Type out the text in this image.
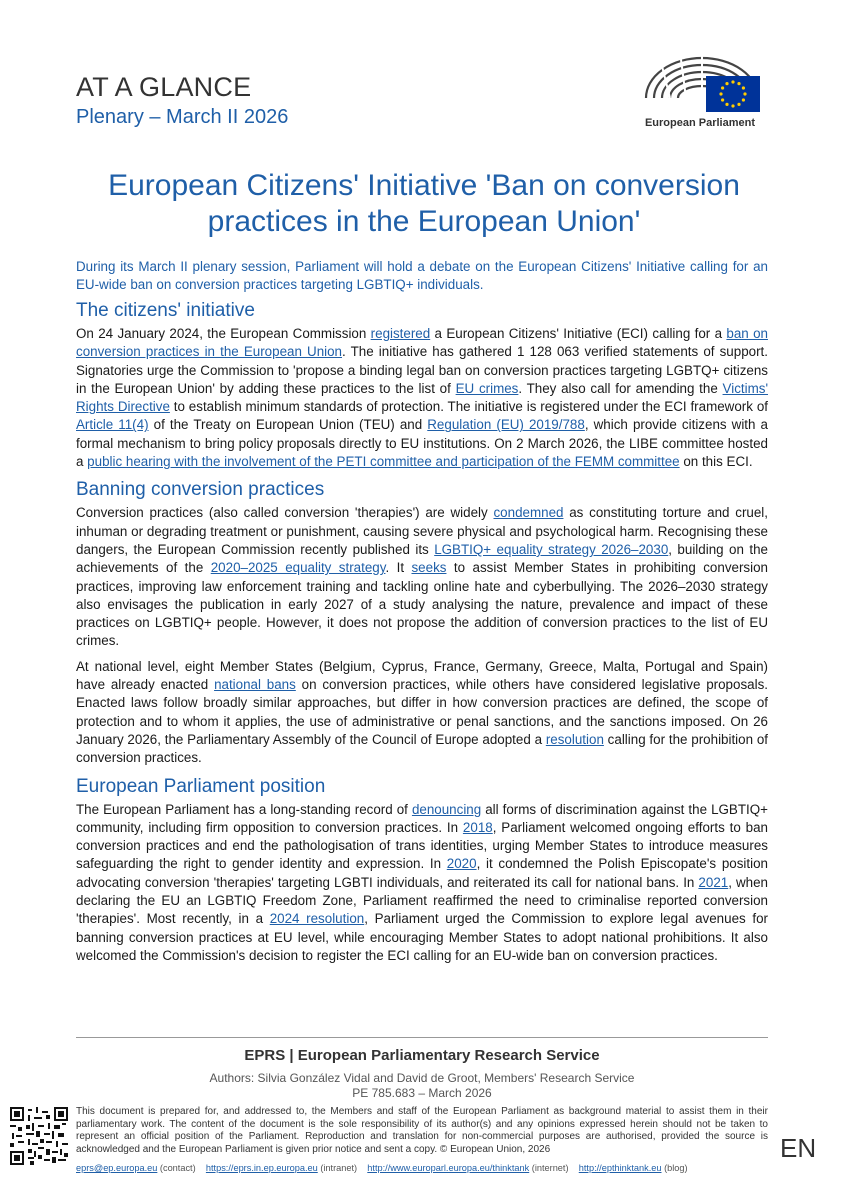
AT A GLANCE
Plenary – March II 2026	European Parliament
European Citizens' Initiative 'Ban on conversion practices in the European Union'

During its March II plenary session, Parliament will hold a debate on the European Citizens' Initiative calling for an EU-wide ban on conversion practices targeting LGBTIQ+ individuals.

The citizens' initiative

On 24 January 2024, the European Commission registered a European Citizens' Initiative (ECI) calling for a ban on conversion practices in the European Union. The initiative has gathered 1 128 063 verified statements of support. Signatories urge the Commission to 'propose a binding legal ban on conversion practices targeting LGBTQ+ citizens in the European Union' by adding these practices to the list of EU crimes. They also call for amending the Victims' Rights Directive to establish minimum standards of protection. The initiative is registered under the ECI framework of Article 11(4) of the Treaty on European Union (TEU) and Regulation (EU) 2019/788, which provide citizens with a formal mechanism to bring policy proposals directly to EU institutions. On 2 March 2026, the LIBE committee hosted a public hearing with the involvement of the PETI committee and participation of the FEMM committee on this ECI.

Banning conversion practices

Conversion practices (also called conversion 'therapies') are widely condemned as constituting torture and cruel, inhuman or degrading treatment or punishment, causing severe physical and psychological harm. Recognising these dangers, the European Commission recently published its LGBTIQ+ equality strategy 2026–2030, building on the achievements of the 2020–2025 equality strategy. It seeks to assist Member States in prohibiting conversion practices, improving law enforcement training and tackling online hate and cyberbullying. The 2026–2030 strategy also envisages the publication in early 2027 of a study analysing the nature, prevalence and impact of these practices on LGBTIQ+ people. However, it does not propose the addition of conversion practices to the list of EU crimes.

At national level, eight Member States (Belgium, Cyprus, France, Germany, Greece, Malta, Portugal and Spain) have already enacted national bans on conversion practices, while others have considered legislative proposals. Enacted laws follow broadly similar approaches, but differ in how conversion practices are defined, the scope of protection and to whom it applies, the use of administrative or penal sanctions, and the sanctions imposed. On 26 January 2026, the Parliamentary Assembly of the Council of Europe adopted a resolution calling for the prohibition of conversion practices.

European Parliament position

The European Parliament has a long-standing record of denouncing all forms of discrimination against the LGBTIQ+ community, including firm opposition to conversion practices. In 2018, Parliament welcomed ongoing efforts to ban conversion practices and end the pathologisation of trans identities, urging Member States to introduce measures safeguarding the right to gender identity and expression. In 2020, it condemned the Polish Episcopate's position advocating conversion 'therapies' targeting LGBTI individuals, and reiterated its call for national bans. In 2021, when declaring the EU an LGBTIQ Freedom Zone, Parliament reaffirmed the need to criminalise reported conversion 'therapies'. Most recently, in a 2024 resolution, Parliament urged the Commission to explore legal avenues for banning conversion practices at EU level, while encouraging Member States to adopt national prohibitions. It also welcomed the Commission's decision to register the ECI calling for an EU-wide ban on conversion practices.

EPRS | European Parliamentary Research Service
Authors: Silvia González Vidal and David de Groot, Members' Research Service
PE 785.683 – March 2026
This document is prepared for, and addressed to, the Members and staff of the European Parliament as background material to assist them in their parliamentary work. The content of the document is the sole responsibility of its author(s) and any opinions expressed herein should not be taken to represent an official position of the Parliament. Reproduction and translation for non-commercial purposes are authorised, provided the source is acknowledged and the European Parliament is given prior notice and sent a copy. © European Union, 2026
eprs@ep.europa.eu (contact) https://eprs.in.ep.europa.eu (intranet) http://www.europarl.europa.eu/thinktank (internet) http://epthinktank.eu (blog)
EN
